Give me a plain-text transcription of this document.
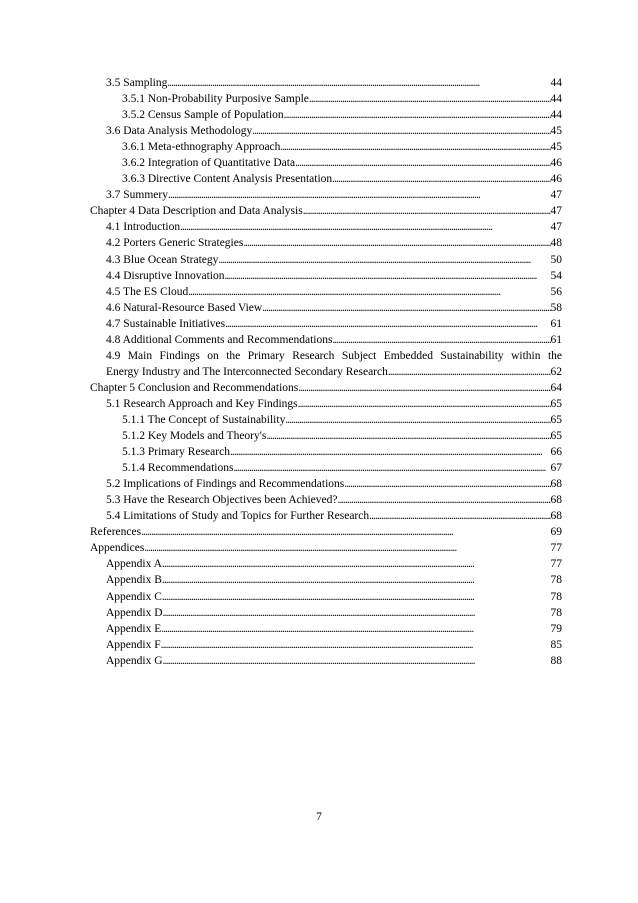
3.5 Sampling . . .	44
3.5.1 Non-Probability Purposive Sample . . .	44
3.5.2 Census Sample of Population . . .	44
3.6 Data Analysis Methodology . . .	45
3.6.1 Meta-ethnography Approach . . .	45
3.6.2 Integration of Quantitative Data . . .	46
3.6.3 Directive Content Analysis Presentation . . .	46
3.7 Summery . . .	47
Chapter 4 Data Description and Data Analysis . . .	47
4.1 Introduction . . .	47
4.2 Porters Generic Strategies . . .	48
4.3 Blue Ocean Strategy . . .	50
4.4 Disruptive Innovation . . .	54
4.5 The ES Cloud . . .	56
4.6 Natural-Resource Based View . . .	58
4.7 Sustainable Initiatives . . .	61
4.8 Additional Comments and Recommendations . . .	61
4.9 Main Findings on the Primary Research Subject Embedded Sustainability within the
Energy Industry and The Interconnected Secondary Research . . .	62
Chapter 5 Conclusion and Recommendations . . .	64
5.1 Research Approach and Key Findings . . .	65
5.1.1 The Concept of Sustainability . . .	65
5.1.2 Key Models and Theory's . . .	65
5.1.3 Primary Research . . .	66
5.1.4 Recommendations . . .	67
5.2 Implications of Findings and Recommendations . . .	68
5.3 Have the Research Objectives been Achieved? . . .	68
5.4 Limitations of Study and Topics for Further Research . . .	68
References . . .	69
Appendices . . .	77
Appendix A . . .	77
Appendix B . . .	78
Appendix C . . .	78
Appendix D . . .	78
Appendix E . . .	79
Appendix F . . .	85
Appendix G . . .	88
7
